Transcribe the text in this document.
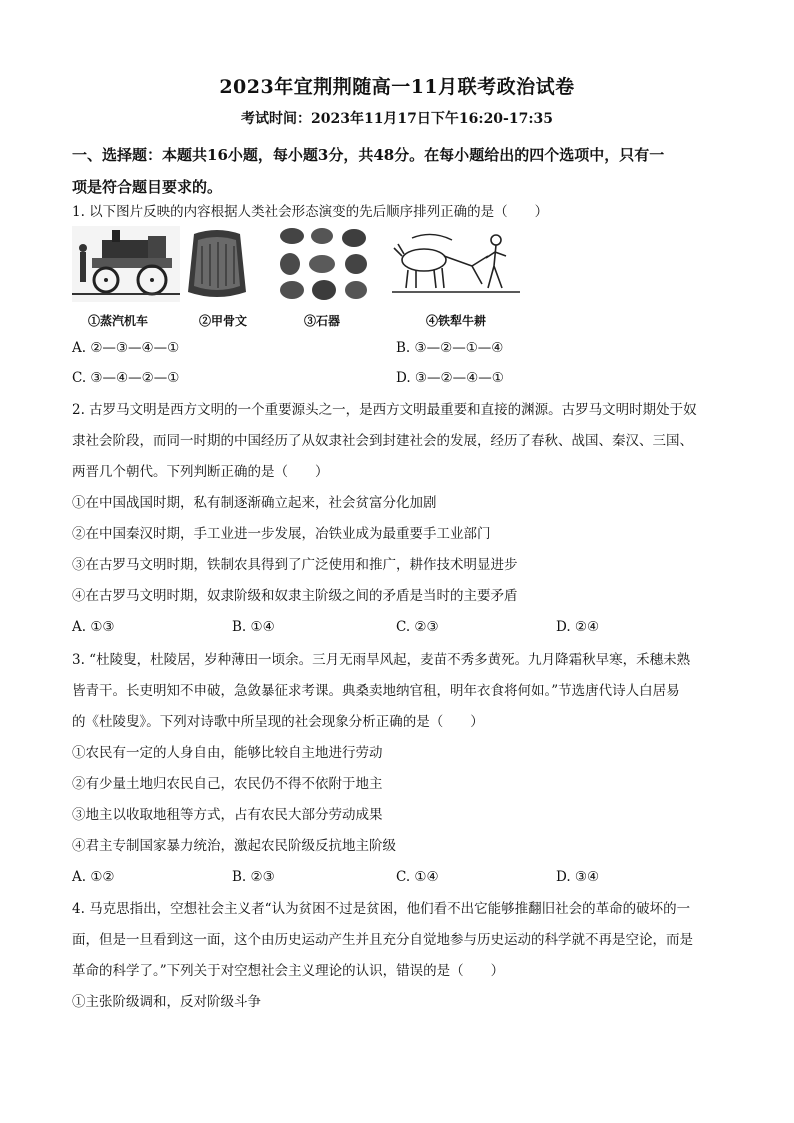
2023年宜荆荆随高一11月联考政治试卷
考试时间：2023年11月17日下午16:20-17:35
一、选择题：本题共16小题，每小题3分，共48分。在每小题给出的四个选项中，只有一
项是符合题目要求的。
1. 以下图片反映的内容根据人类社会形态演变的先后顺序排列正确的是（　　）
①蒸汽机车	②甲骨文	③石器	④铁犁牛耕
A. ②—③—④—①	B. ③—②—①—④
C. ③—④—②—①	D. ③—②—④—①
2. 古罗马文明是西方文明的一个重要源头之一，是西方文明最重要和直接的渊源。古罗马文明时期处于奴
隶社会阶段，而同一时期的中国经历了从奴隶社会到封建社会的发展，经历了春秋、战国、秦汉、三国、
两晋几个朝代。下列判断正确的是（　　）
①在中国战国时期，私有制逐渐确立起来，社会贫富分化加剧
②在中国秦汉时期，手工业进一步发展，冶铁业成为最重要手工业部门
③在古罗马文明时期，铁制农具得到了广泛使用和推广，耕作技术明显进步
④在古罗马文明时期，奴隶阶级和奴隶主阶级之间的矛盾是当时的主要矛盾
A. ①③	B. ①④	C. ②③	D. ②④
3. “杜陵叟，杜陵居，岁种薄田一顷余。三月无雨旱风起，麦苗不秀多黄死。九月降霜秋早寒，禾穗未熟
皆青干。长吏明知不申破，急敛暴征求考课。典桑卖地纳官租，明年衣食将何如。”节选唐代诗人白居易
的《杜陵叟》。下列对诗歌中所呈现的社会现象分析正确的是（　　）
①农民有一定的人身自由，能够比较自主地进行劳动
②有少量土地归农民自己，农民仍不得不依附于地主
③地主以收取地租等方式，占有农民大部分劳动成果
④君主专制国家暴力统治，激起农民阶级反抗地主阶级
A. ①②	B. ②③	C. ①④	D. ③④
4. 马克思指出，空想社会主义者“认为贫困不过是贫困，他们看不出它能够推翻旧社会的革命的破坏的一
面，但是一旦看到这一面，这个由历史运动产生并且充分自觉地参与历史运动的科学就不再是空论，而是
革命的科学了。”下列关于对空想社会主义理论的认识，错误的是（　　）
①主张阶级调和，反对阶级斗争
